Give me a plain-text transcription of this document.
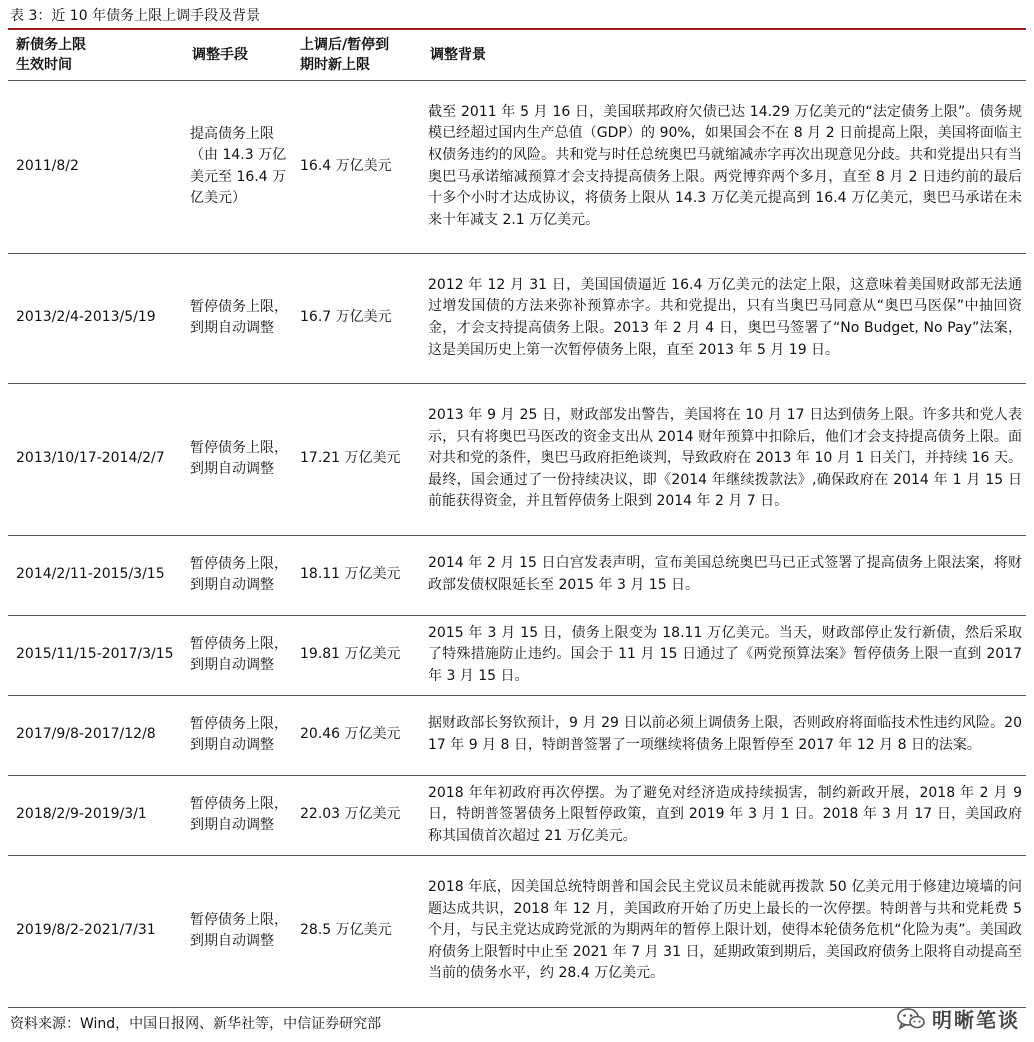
表 3：近 10 年债务上限上调手段及背景
新债务上限
生效时间	调整手段	上调后/暂停到
期时新上限	调整背景
2011/8/2	提高债务上限（由 14.3 万亿美元至 16.4 万亿美元）	16.4 万亿美元	截至 2011 年 5 月 16 日，美国联邦政府欠债已达 14.29 万亿美元的“法定债务上限”。债务规模已经超过国内生产总值（GDP）的 90%，如果国会不在 8 月 2 日前提高上限，美国将面临主权债务违约的风险。共和党与时任总统奥巴马就缩减赤字再次出现意见分歧。共和党提出只有当奥巴马承诺缩减预算才会支持提高债务上限。两党博弈两个多月，直至 8 月 2 日违约前的最后十多个小时才达成协议，将债务上限从 14.3 万亿美元提高到 16.4 万亿美元，奥巴马承诺在未来十年减支 2.1 万亿美元。
2013/2/4-2013/5/19	暂停债务上限，到期自动调整	16.7 万亿美元	2012 年 12 月 31 日，美国国债逼近 16.4 万亿美元的法定上限，这意味着美国财政部无法通过增发国债的方法来弥补预算赤字。共和党提出，只有当奥巴马同意从“奥巴马医保”中抽回资金，才会支持提高债务上限。2013 年 2 月 4 日，奥巴马签署了“No Budget, No Pay”法案，这是美国历史上第一次暂停债务上限，直至 2013 年 5 月 19 日。
2013/10/17-2014/2/7	暂停债务上限，到期自动调整	17.21 万亿美元	2013 年 9 月 25 日，财政部发出警告，美国将在 10 月 17 日达到债务上限。许多共和党人表示，只有将奥巴马医改的资金支出从 2014 财年预算中扣除后，他们才会支持提高债务上限。面对共和党的条件，奥巴马政府拒绝谈判，导致政府在 2013 年 10 月 1 日关门，并持续 16 天。最终，国会通过了一份持续决议，即《2014 年继续拨款法》,确保政府在 2014 年 1 月 15 日前能获得资金，并且暂停债务上限到 2014 年 2 月 7 日。
2014/2/11-2015/3/15	暂停债务上限，到期自动调整	18.11 万亿美元	2014 年 2 月 15 日白宫发表声明，宣布美国总统奥巴马已正式签署了提高债务上限法案，将财政部发债权限延长至 2015 年 3 月 15 日。
2015/11/15-2017/3/15	暂停债务上限，到期自动调整	19.81 万亿美元	2015 年 3 月 15 日，债务上限变为 18.11 万亿美元。当天，财政部停止发行新债，然后采取了特殊措施防止违约。国会于 11 月 15 日通过了《两党预算法案》暂停债务上限一直到 2017 年 3 月 15 日。
2017/9/8-2017/12/8	暂停债务上限，到期自动调整	20.46 万亿美元	据财政部长努钦预计，9 月 29 日以前必须上调债务上限，否则政府将面临技术性违约风险。2017 年 9 月 8 日，特朗普签署了一项继续将债务上限暂停至 2017 年 12 月 8 日的法案。
2018/2/9-2019/3/1	暂停债务上限，到期自动调整	22.03 万亿美元	2018 年年初政府再次停摆。为了避免对经济造成持续损害，制约新政开展，2018 年 2 月 9 日，特朗普签署债务上限暂停政策，直到 2019 年 3 月 1 日。2018 年 3 月 17 日，美国政府称其国债首次超过 21 万亿美元。
2019/8/2-2021/7/31	暂停债务上限，到期自动调整	28.5 万亿美元	2018 年底，因美国总统特朗普和国会民主党议员未能就再拨款 50 亿美元用于修建边境墙的问题达成共识，2018 年 12 月，美国政府开始了历史上最长的一次停摆。特朗普与共和党耗费 5 个月，与民主党达成跨党派的为期两年的暂停上限计划，使得本轮债务危机“化险为夷”。美国政府债务上限暂时中止至 2021 年 7 月 31 日，延期政策到期后，美国政府债务上限将自动提高至当前的债务水平，约 28.4 万亿美元。
资料来源：Wind，中国日报网、新华社等，中信证券研究部	明晰笔谈
